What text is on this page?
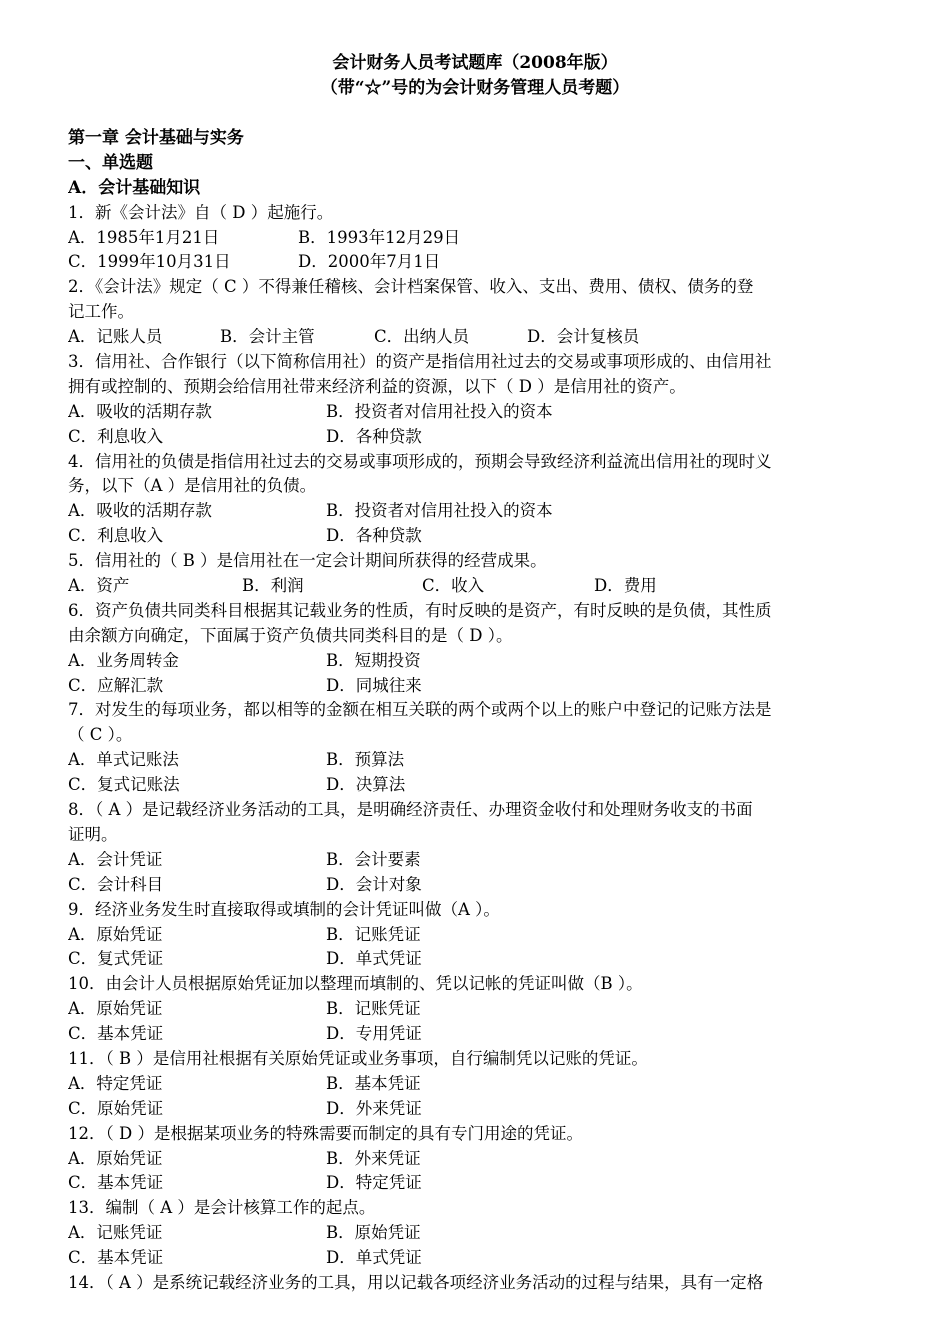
会计财务人员考试题库（2008年版）
（带“☆”号的为会计财务管理人员考题）
第一章 会计基础与实务
一、单选题
A．会计基础知识
1．新《会计法》自（ D ）起施行。
A．1985年1月21日	B．1993年12月29日
C．1999年10月31日	D．2000年7月1日
2．《会计法》规定（ C ）不得兼任稽核、会计档案保管、收入、支出、费用、债权、债务的登
记工作。
A．记账人员	B．会计主管	C．出纳人员	D．会计复核员
3．信用社、合作银行（以下简称信用社）的资产是指信用社过去的交易或事项形成的、由信用社
拥有或控制的、预期会给信用社带来经济利益的资源，以下（ D ）是信用社的资产。
A．吸收的活期存款	B．投资者对信用社投入的资本
C．利息收入	D．各种贷款
4．信用社的负债是指信用社过去的交易或事项形成的，预期会导致经济利益流出信用社的现时义
务，以下（A ）是信用社的负债。
A．吸收的活期存款	B．投资者对信用社投入的资本
C．利息收入	D．各种贷款
5．信用社的（ B ）是信用社在一定会计期间所获得的经营成果。
A．资产	B．利润	C．收入	D．费用
6．资产负债共同类科目根据其记载业务的性质，有时反映的是资产，有时反映的是负债，其性质
由余额方向确定，下面属于资产负债共同类科目的是（ D ）。
A．业务周转金	B．短期投资
C．应解汇款	D．同城往来
7．对发生的每项业务，都以相等的金额在相互关联的两个或两个以上的账户中登记的记账方法是
（ C ）。
A．单式记账法	B．预算法
C．复式记账法	D．决算法
8．（ A ）是记载经济业务活动的工具，是明确经济责任、办理资金收付和处理财务收支的书面
证明。
A．会计凭证	B．会计要素
C．会计科目	D．会计对象
9．经济业务发生时直接取得或填制的会计凭证叫做（A ）。
A．原始凭证	B．记账凭证
C．复式凭证	D．单式凭证
10．由会计人员根据原始凭证加以整理而填制的、凭以记帐的凭证叫做（B ）。
A．原始凭证	B．记账凭证
C．基本凭证	D．专用凭证
11．（ B ）是信用社根据有关原始凭证或业务事项，自行编制凭以记账的凭证。
A．特定凭证	B．基本凭证
C．原始凭证	D．外来凭证
12．（ D ）是根据某项业务的特殊需要而制定的具有专门用途的凭证。
A．原始凭证	B．外来凭证
C．基本凭证	D．特定凭证
13．编制（ A ）是会计核算工作的起点。
A．记账凭证	B．原始凭证
C．基本凭证	D．单式凭证
14．（ A ）是系统记载经济业务的工具，用以记载各项经济业务活动的过程与结果，具有一定格
